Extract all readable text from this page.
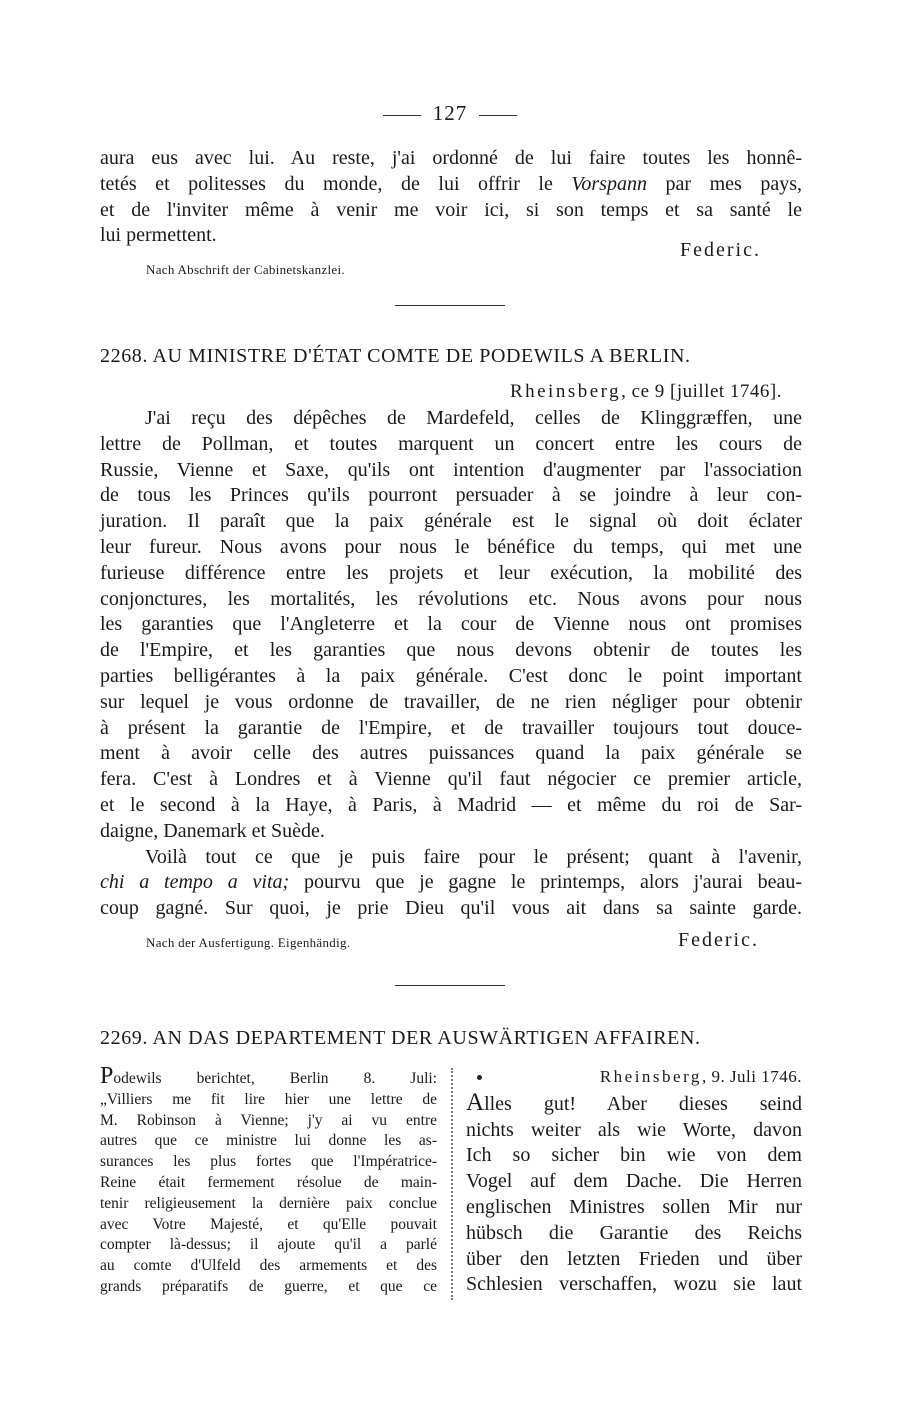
127
aura eus avec lui. Au reste, j'ai ordonné de lui faire toutes les honnê-
tetés et politesses du monde, de lui offrir le Vorspann par mes pays,
et de l'inviter même à venir me voir ici, si son temps et sa santé le
lui permettent.
Federic.
Nach Abschrift der Cabinetskanzlei.
2268. AU MINISTRE D'ÉTAT COMTE DE PODEWILS A BERLIN.
Rheinsberg, ce 9 [juillet 1746].
J'ai reçu des dépêches de Mardefeld, celles de Klinggræffen, une
lettre de Pollman, et toutes marquent un concert entre les cours de
Russie, Vienne et Saxe, qu'ils ont intention d'augmenter par l'association
de tous les Princes qu'ils pourront persuader à se joindre à leur con-
juration. Il paraît que la paix générale est le signal où doit éclater
leur fureur. Nous avons pour nous le bénéfice du temps, qui met une
furieuse différence entre les projets et leur exécution, la mobilité des
conjonctures, les mortalités, les révolutions etc. Nous avons pour nous
les garanties que l'Angleterre et la cour de Vienne nous ont promises
de l'Empire, et les garanties que nous devons obtenir de toutes les
parties belligérantes à la paix générale. C'est donc le point important
sur lequel je vous ordonne de travailler, de ne rien négliger pour obtenir
à présent la garantie de l'Empire, et de travailler toujours tout douce-
ment à avoir celle des autres puissances quand la paix générale se
fera. C'est à Londres et à Vienne qu'il faut négocier ce premier article,
et le second à la Haye, à Paris, à Madrid — et même du roi de Sar-
daigne, Danemark et Suède.
Voilà tout ce que je puis faire pour le présent; quant à l'avenir,
chi a tempo a vita; pourvu que je gagne le printemps, alors j'aurai beau-
coup gagné. Sur quoi, je prie Dieu qu'il vous ait dans sa sainte garde.
Nach der Ausfertigung. Eigenhändig.	Federic.
2269. AN DAS DEPARTEMENT DER AUSWÄRTIGEN AFFAIREN.
Podewils berichtet, Berlin 8. Juli:
„Villiers me fit lire hier une lettre de
M. Robinson à Vienne; j'y ai vu entre
autres que ce ministre lui donne les as-
surances les plus fortes que l'Impératrice-
Reine était fermement résolue de main-
tenir religieusement la dernière paix conclue
avec Votre Majesté, et qu'Elle pouvait
compter là-dessus; il ajoute qu'il a parlé
au comte d'Ulfeld des armements et des
grands préparatifs de guerre, et que ce
Rheinsberg, 9. Juli 1746.
Alles gut! Aber dieses seind
nichts weiter als wie Worte, davon
Ich so sicher bin wie von dem
Vogel auf dem Dache. Die Herren
englischen Ministres sollen Mir nur
hübsch die Garantie des Reichs
über den letzten Frieden und über
Schlesien verschaffen, wozu sie laut
